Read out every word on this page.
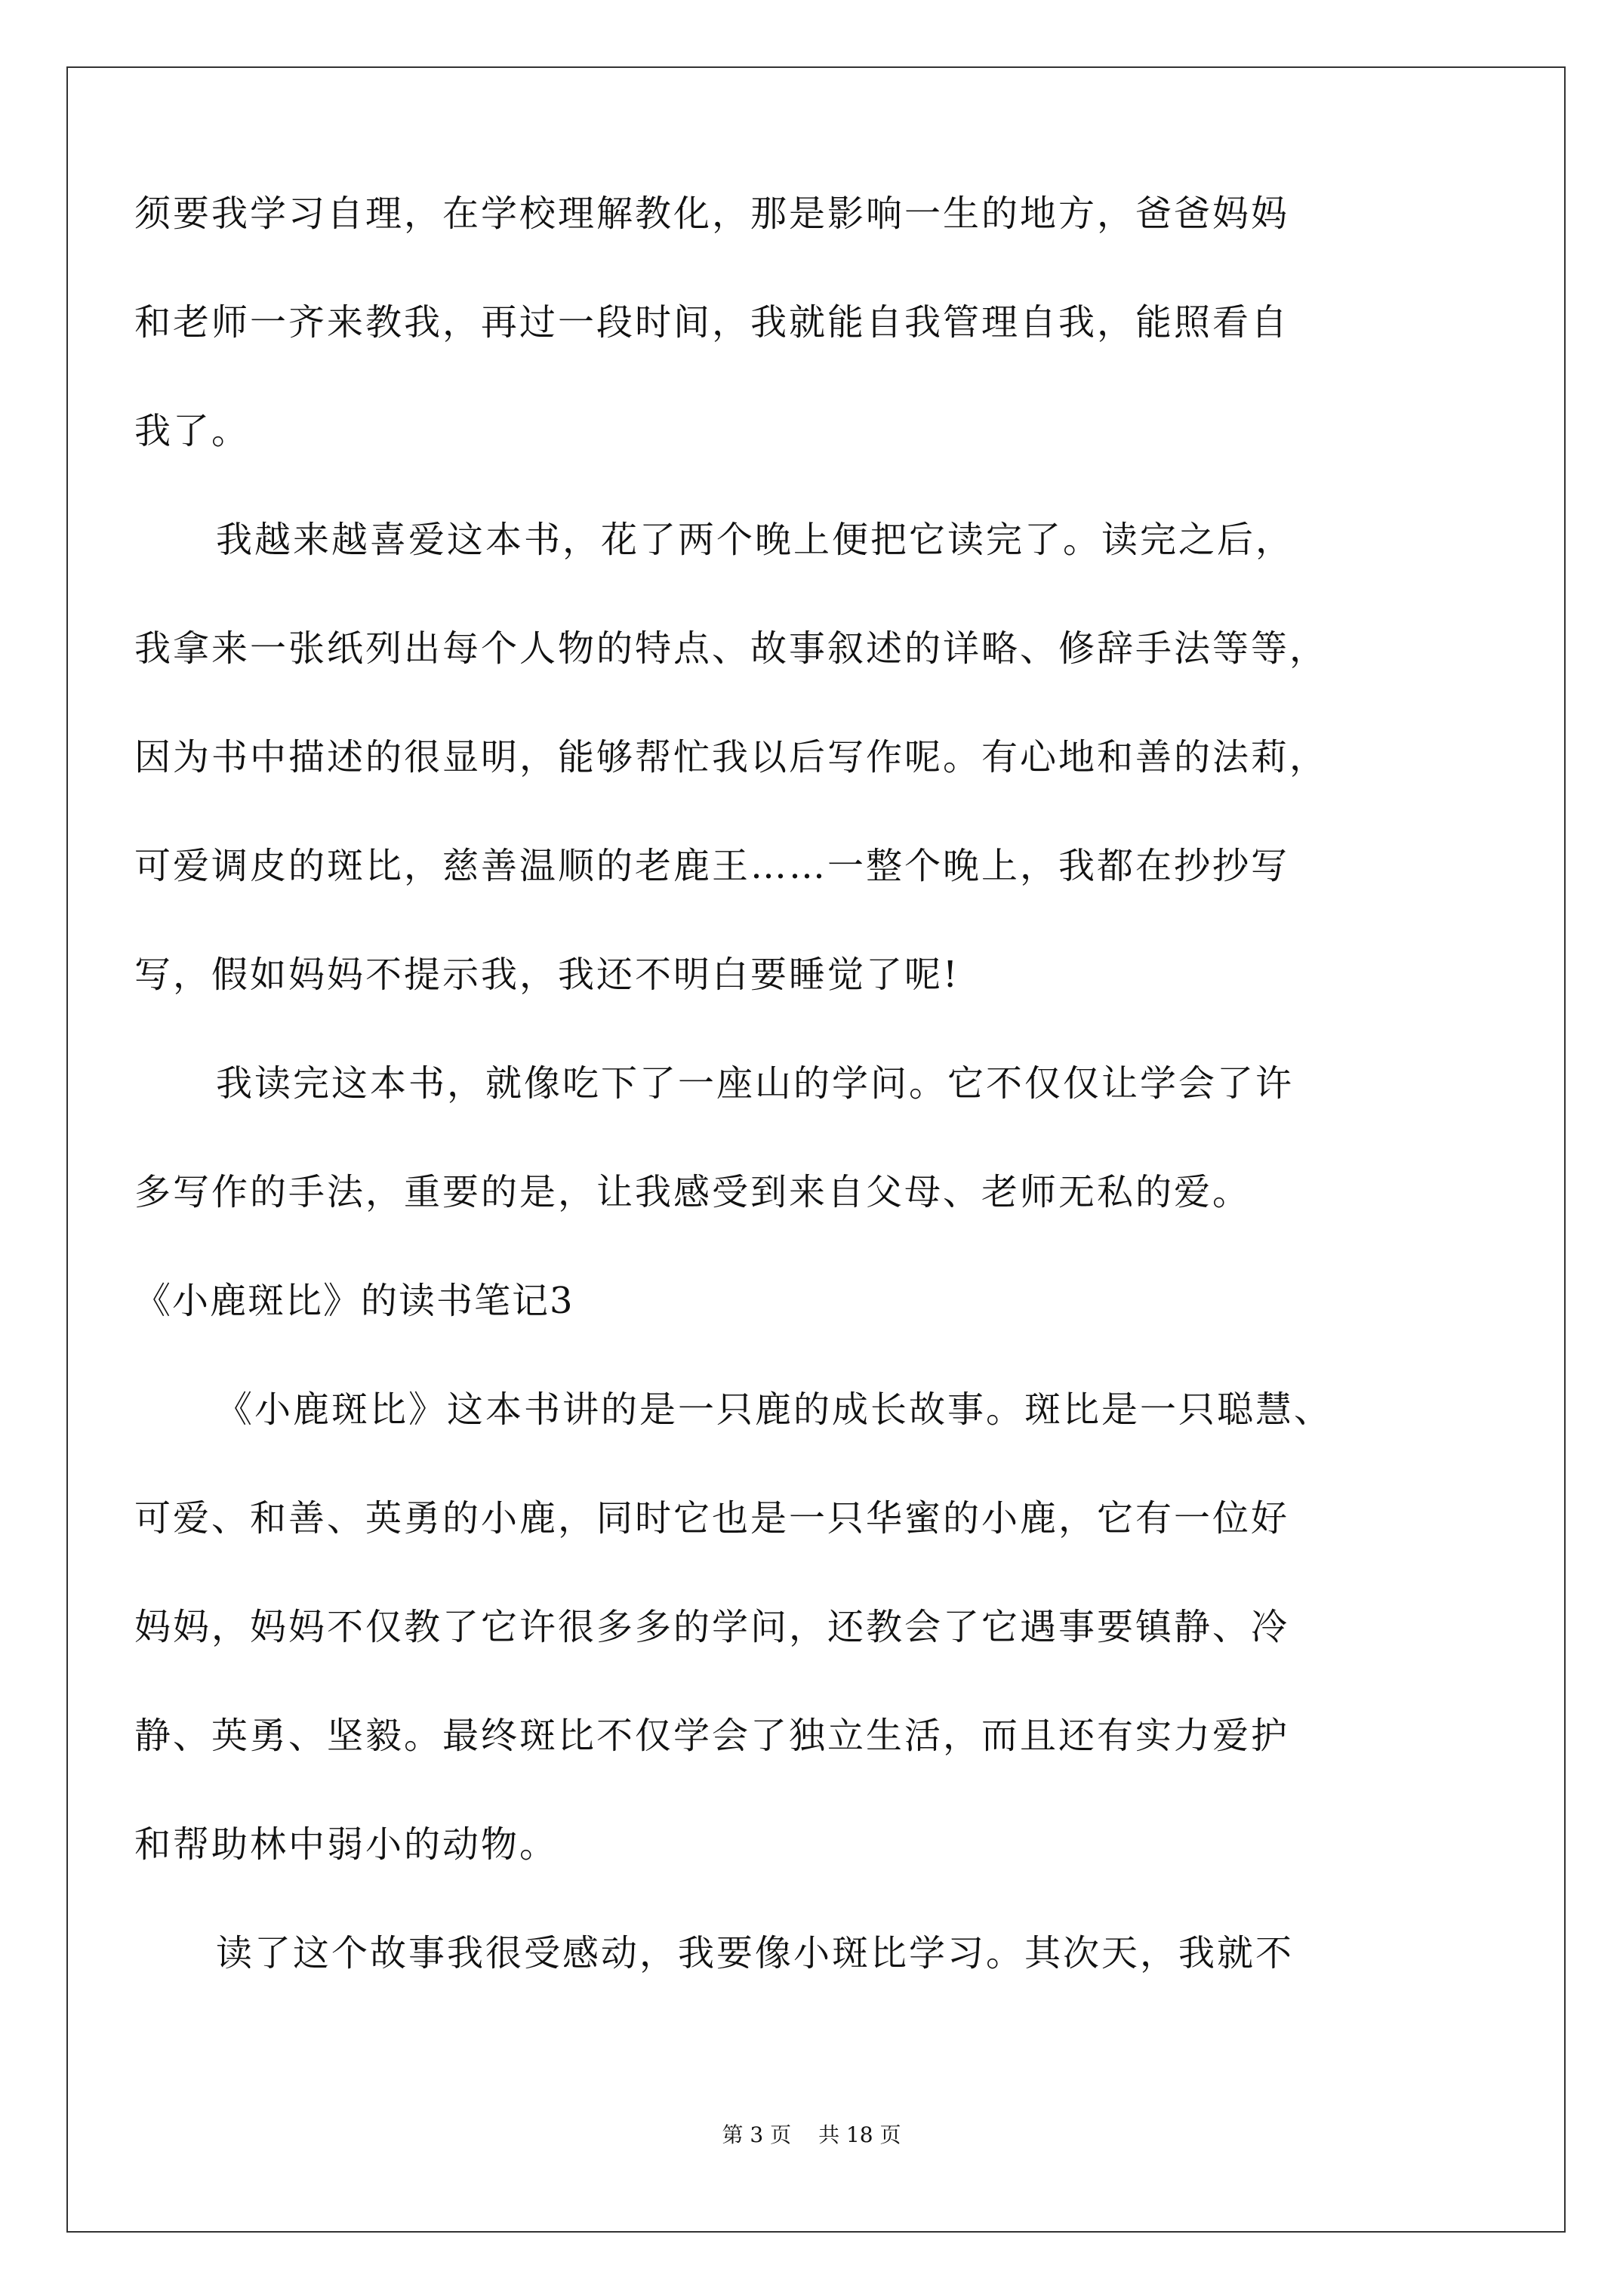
须要我学习自理，在学校理解教化，那是影响一生的地方，爸爸妈妈
和老师一齐来教我，再过一段时间，我就能自我管理自我，能照看自
我了。
我越来越喜爱这本书，花了两个晚上便把它读完了。读完之后，
我拿来一张纸列出每个人物的特点、故事叙述的详略、修辞手法等等，
因为书中描述的很显明，能够帮忙我以后写作呢。有心地和善的法莉，
可爱调皮的斑比，慈善温顺的老鹿王……一整个晚上，我都在抄抄写
写，假如妈妈不提示我，我还不明白要睡觉了呢!
我读完这本书，就像吃下了一座山的学问。它不仅仅让学会了许
多写作的手法，重要的是，让我感受到来自父母、老师无私的爱。
《小鹿斑比》的读书笔记3
《小鹿斑比》这本书讲的是一只鹿的成长故事。斑比是一只聪慧、
可爱、和善、英勇的小鹿，同时它也是一只华蜜的小鹿，它有一位好
妈妈，妈妈不仅教了它许很多多的学问，还教会了它遇事要镇静、冷
静、英勇、坚毅。最终斑比不仅学会了独立生活，而且还有实力爱护
和帮助林中弱小的动物。
读了这个故事我很受感动，我要像小斑比学习。其次天，我就不
第 3 页 共 18 页
